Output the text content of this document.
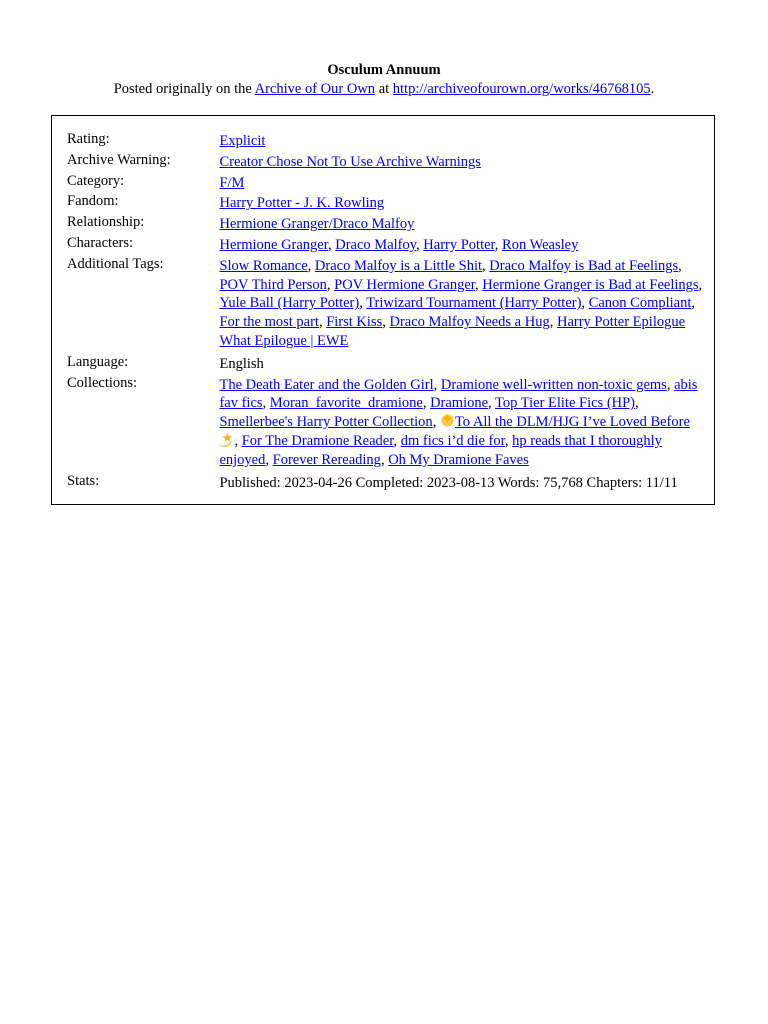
Osculum Annuum
Posted originally on the Archive of Our Own at http://archiveofourown.org/works/46768105.
Rating:	Explicit
Archive Warning:	Creator Chose Not To Use Archive Warnings
Category:	F/M
Fandom:	Harry Potter - J. K. Rowling
Relationship:	Hermione Granger/Draco Malfoy
Characters:	Hermione Granger, Draco Malfoy, Harry Potter, Ron Weasley
Additional Tags:	Slow Romance, Draco Malfoy is a Little Shit, Draco Malfoy is Bad at Feelings, POV Third Person, POV Hermione Granger, Hermione Granger is Bad at Feelings, Yule Ball (Harry Potter), Triwizard Tournament (Harry Potter), Canon Compliant, For the most part, First Kiss, Draco Malfoy Needs a Hug, Harry Potter Epilogue What Epilogue | EWE
Language:	English
Collections:	The Death Eater and the Golden Girl, Dramione well-written non-toxic gems, abis fav fics, Moran_favorite_dramione, Dramione, Top Tier Elite Fics (HP), Smellerbee's Harry Potter Collection, ✦To All the DLM/HJG I’ve Loved Before ★, For The Dramione Reader, dm fics i’d die for, hp reads that I thoroughly enjoyed, Forever Rereading, Oh My Dramione Faves
Stats:	Published: 2023-04-26 Completed: 2023-08-13 Words: 75,768 Chapters: 11/11
